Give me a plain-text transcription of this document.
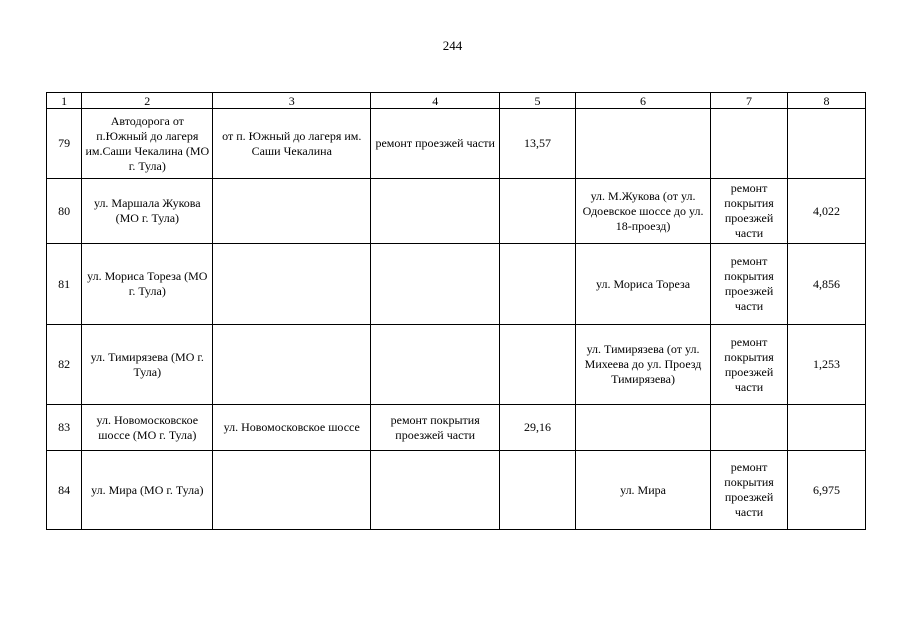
244
1	2	3	4	5	6	7	8
79	Автодорога от п.Южный до лагеря им.Саши Чекалина (МО г. Тула)	от п. Южный до лагеря им. Саши Чекалина	ремонт проезжей части	13,57			
80	ул. Маршала Жукова (МО г. Тула)				ул. М.Жукова (от ул. Одоевское шоссе до ул. 18-проезд)	ремонт покрытия проезжей части	4,022
81	ул. Мориса Тореза (МО г. Тула)				ул. Мориса Тореза	ремонт покрытия проезжей части	4,856
82	ул. Тимирязева (МО г. Тула)				ул. Тимирязева (от ул. Михеева до ул. Проезд Тимирязева)	ремонт покрытия проезжей части	1,253
83	ул. Новомосковское шоссе (МО г. Тула)	ул. Новомосковское шоссе	ремонт покрытия проезжей части	29,16			
84	ул. Мира (МО г. Тула)				ул. Мира	ремонт покрытия проезжей части	6,975
